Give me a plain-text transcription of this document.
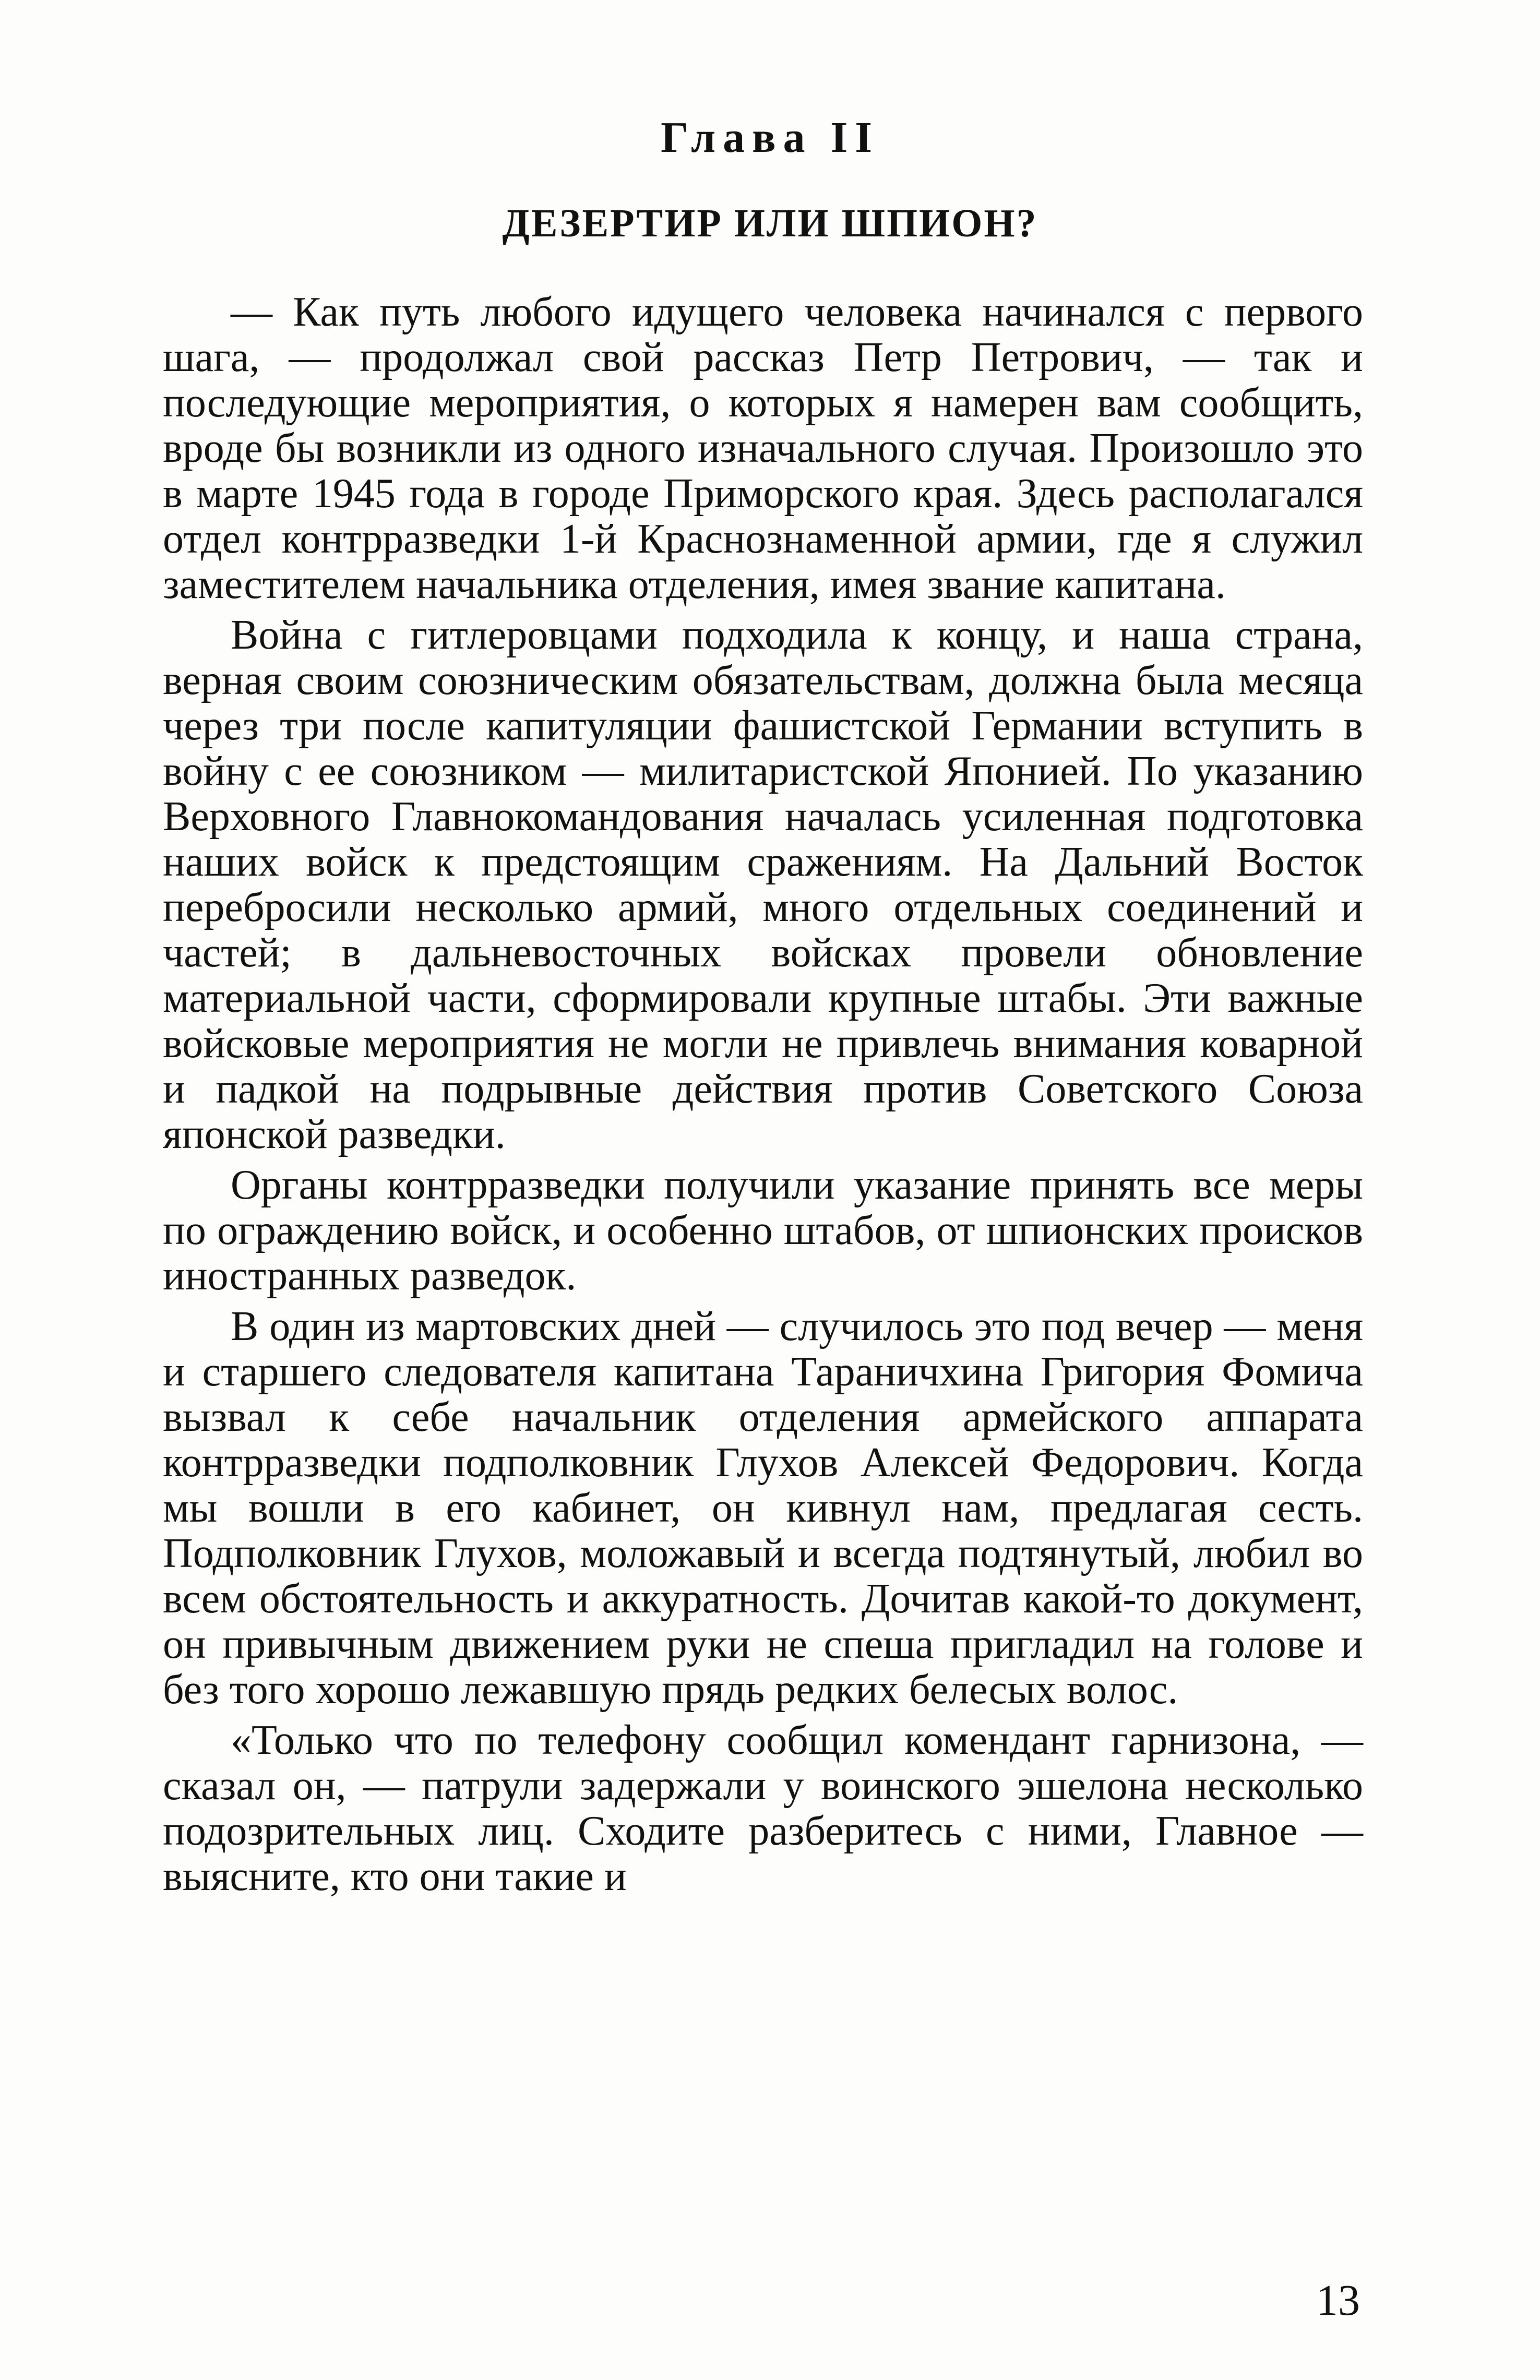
Глава II
ДЕЗЕРТИР ИЛИ ШПИОН?

— Как путь любого идущего человека начинался с первого шага, — продолжал свой рассказ Петр Петрович, — так и последующие мероприятия, о которых я намерен вам сообщить, вроде бы возникли из одного изначального случая. Произошло это в марте 1945 года в городе Приморского края. Здесь располагался отдел контрразведки 1-й Краснознаменной армии, где я служил заместителем начальника отделения, имея звание капитана.

Война с гитлеровцами подходила к концу, и наша страна, верная своим союзническим обязательствам, должна была месяца через три после капитуляции фашистской Германии вступить в войну с ее союзником — милитаристской Японией. По указанию Верховного Главнокомандования началась усиленная подготовка наших войск к предстоящим сражениям. На Дальний Восток перебросили несколько армий, много отдельных соединений и частей; в дальневосточных войсках провели обновление материальной части, сформировали крупные штабы. Эти важные войсковые мероприятия не могли не привлечь внимания коварной и падкой на подрывные действия против Советского Союза японской разведки.

Органы контрразведки получили указание принять все меры по ограждению войск, и особенно штабов, от шпионских происков иностранных разведок.

В один из мартовских дней — случилось это под вечер — меня и старшего следователя капитана Тараничхина Григория Фомича вызвал к себе начальник отделения армейского аппарата контрразведки подполковник Глухов Алексей Федорович. Когда мы вошли в его кабинет, он кивнул нам, предлагая сесть. Подполковник Глухов, моложавый и всегда подтянутый, любил во всем обстоятельность и аккуратность. Дочитав какой-то документ, он привычным движением руки не спеша пригладил на голове и без того хорошо лежавшую прядь редких белесых волос.

«Только что по телефону сообщил комендант гарнизона, — сказал он, — патрули задержали у воинского эшелона несколько подозрительных лиц. Сходите разберитесь с ними, Главное — выясните, кто они такие и

13
